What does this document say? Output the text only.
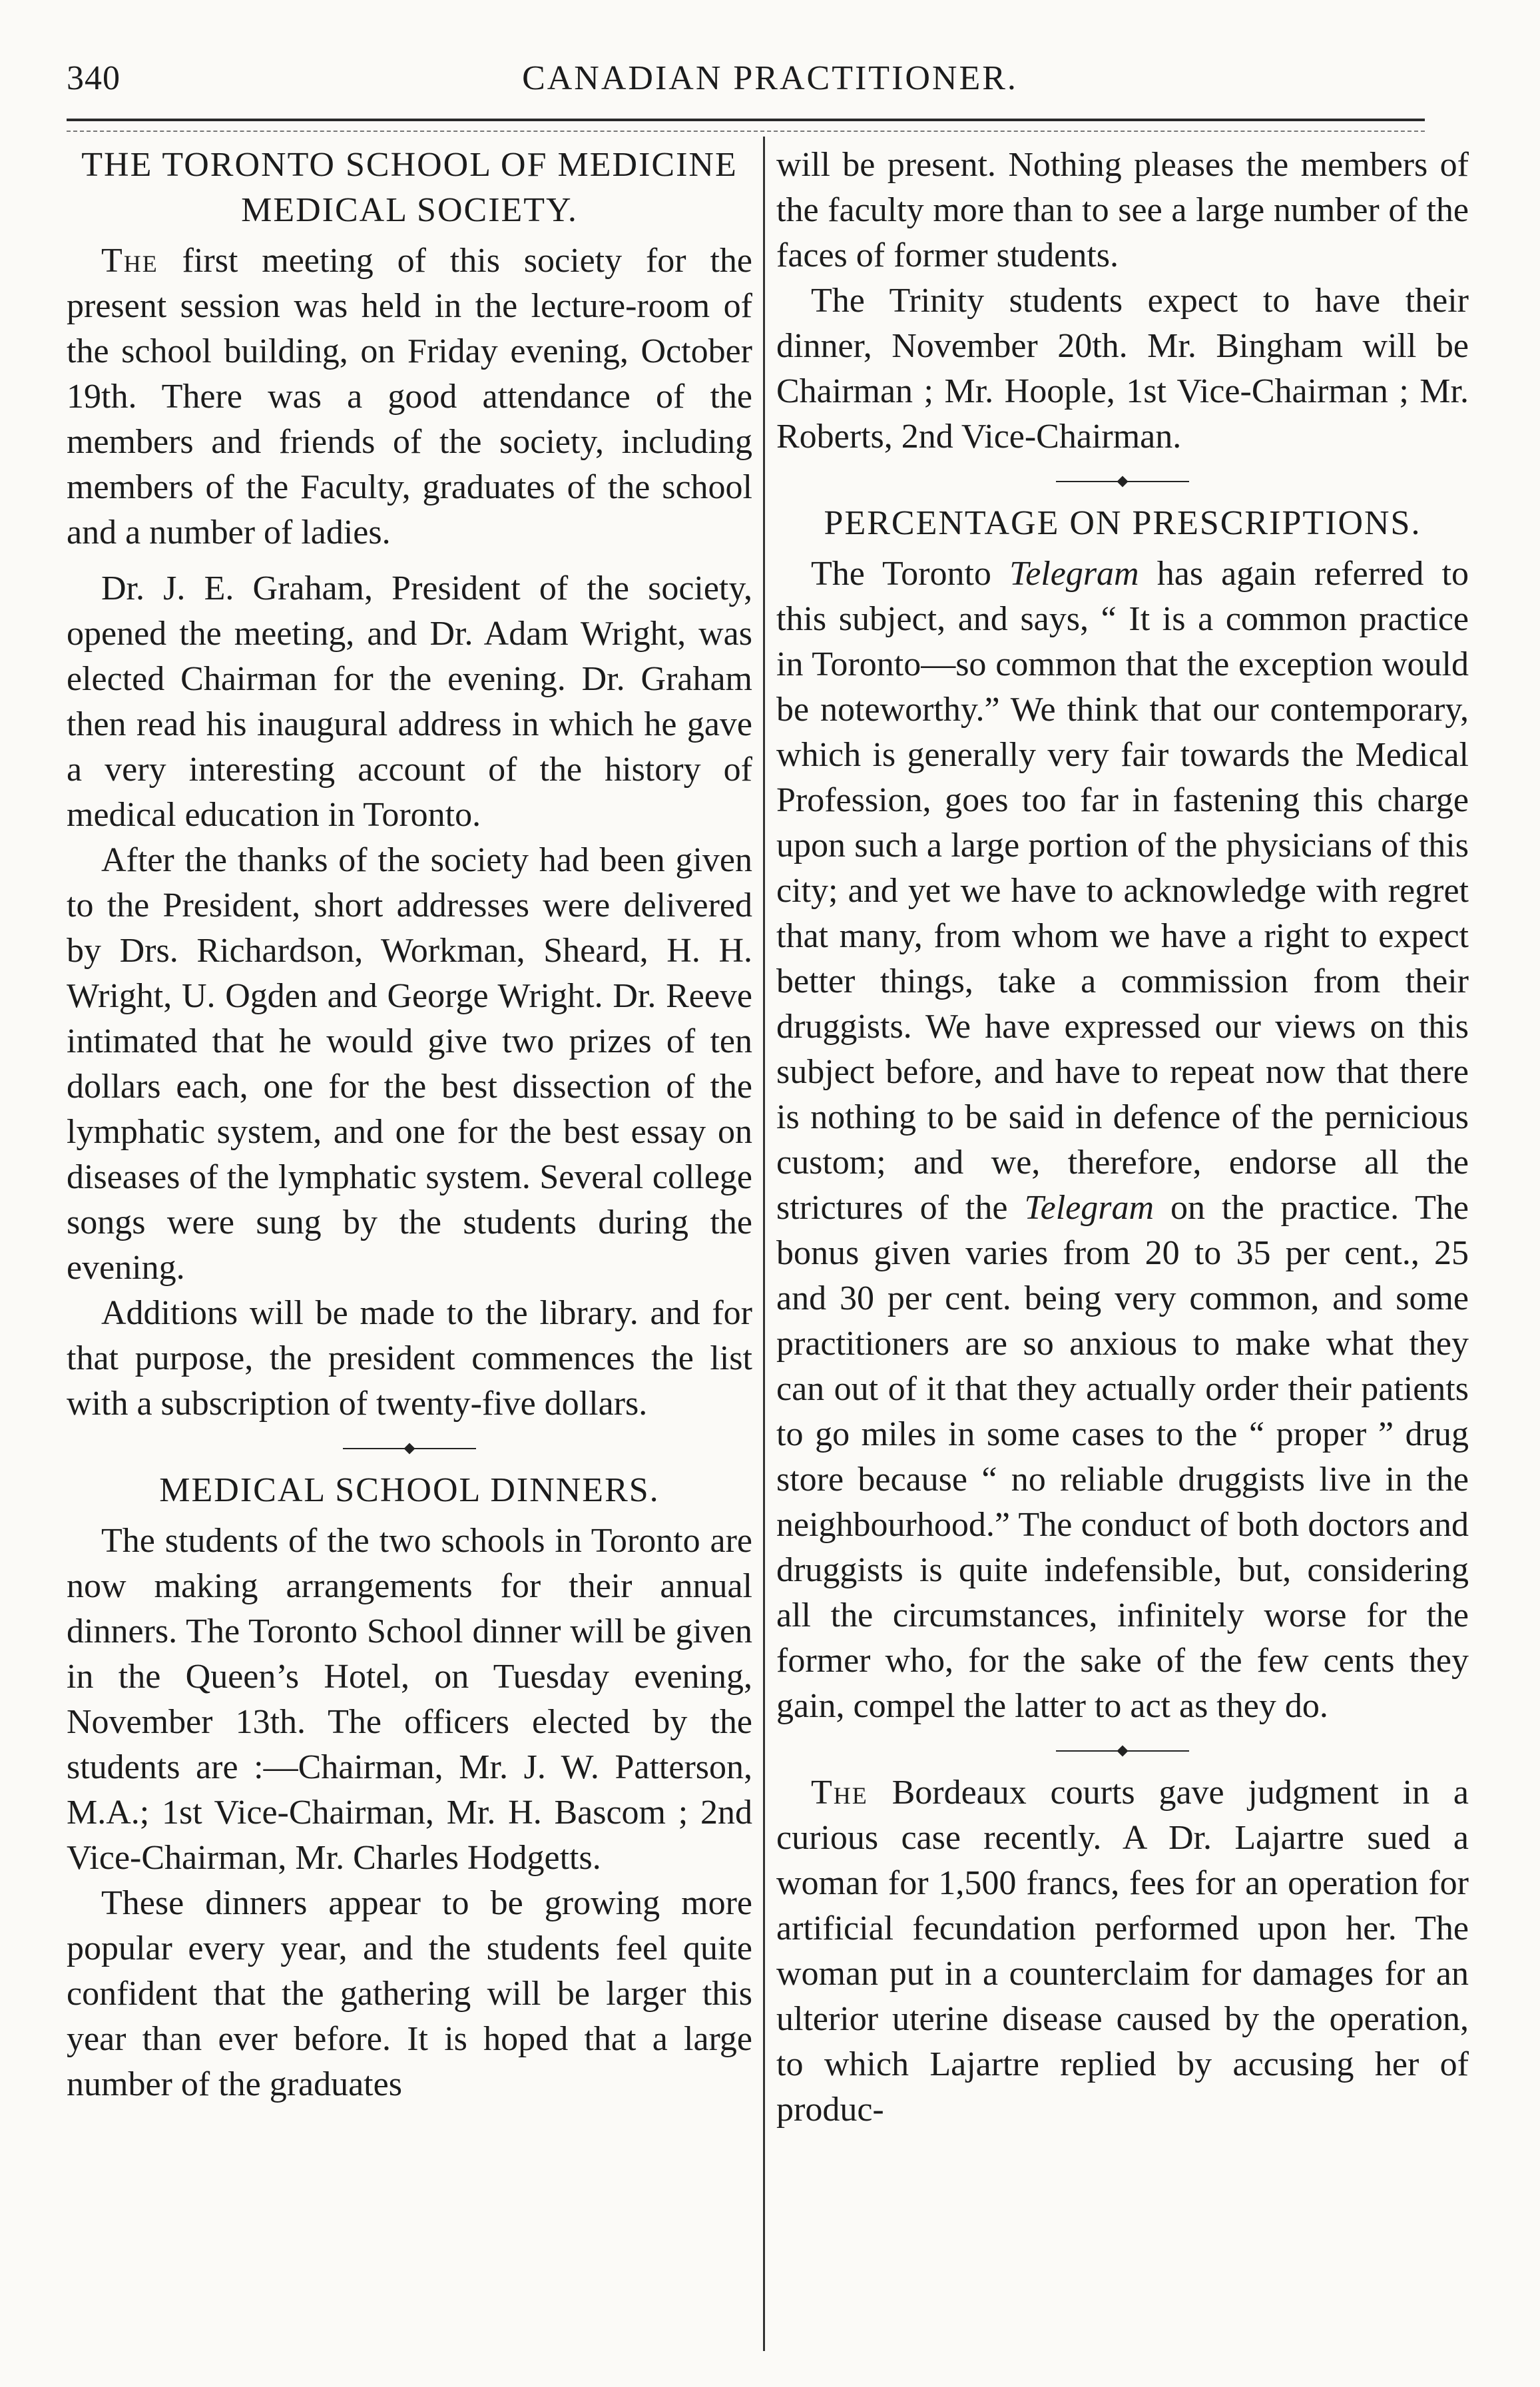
340	CANADIAN PRACTITIONER.
THE TORONTO SCHOOL OF MEDICINE
MEDICAL SOCIETY.

The first meeting of this society for the present session was held in the lecture-room of the school building, on Friday evening, October 19th. There was a good attendance of the members and friends of the society, including members of the Faculty, graduates of the school and a number of ladies.

Dr. J. E. Graham, President of the society, opened the meeting, and Dr. Adam Wright, was elected Chairman for the evening. Dr. Graham then read his inaugural address in which he gave a very interesting account of the history of medical education in Toronto.

After the thanks of the society had been given to the President, short addresses were delivered by Drs. Richardson, Workman, Sheard, H. H. Wright, U. Ogden and George Wright. Dr. Reeve intimated that he would give two prizes of ten dollars each, one for the best dissection of the lymphatic system, and one for the best essay on diseases of the lymphatic system. Several college songs were sung by the students during the evening.

Additions will be made to the library. and for that purpose, the president commences the list with a subscription of twenty-five dollars.

MEDICAL SCHOOL DINNERS.

The students of the two schools in Toronto are now making arrangements for their annual dinners. The Toronto School dinner will be given in the Queen’s Hotel, on Tuesday evening, November 13th. The officers elected by the students are :—Chairman, Mr. J. W. Patterson, M.A.; 1st Vice-Chairman, Mr. H. Bascom ; 2nd Vice-Chairman, Mr. Charles Hodgetts.

These dinners appear to be growing more popular every year, and the students feel quite confident that the gathering will be larger this year than ever before. It is hoped that a large number of the graduates

will be present. Nothing pleases the members of the faculty more than to see a large number of the faces of former students.

The Trinity students expect to have their dinner, November 20th. Mr. Bingham will be Chairman ; Mr. Hoople, 1st Vice-Chairman ; Mr. Roberts, 2nd Vice-Chairman.

PERCENTAGE ON PRESCRIPTIONS.

The Toronto Telegram has again referred to this subject, and says, “ It is a common practice in Toronto—so common that the exception would be noteworthy.” We think that our contemporary, which is generally very fair towards the Medical Profession, goes too far in fastening this charge upon such a large portion of the physicians of this city; and yet we have to acknowledge with regret that many, from whom we have a right to expect better things, take a commission from their druggists. We have expressed our views on this subject before, and have to repeat now that there is nothing to be said in defence of the pernicious custom; and we, therefore, endorse all the strictures of the Telegram on the practice. The bonus given varies from 20 to 35 per cent., 25 and 30 per cent. being very common, and some practitioners are so anxious to make what they can out of it that they actually order their patients to go miles in some cases to the “ proper ” drug store because “ no reliable druggists live in the neighbourhood.” The conduct of both doctors and druggists is quite indefensible, but, considering all the circumstances, infinitely worse for the former who, for the sake of the few cents they gain, compel the latter to act as they do.

The Bordeaux courts gave judgment in a curious case recently. A Dr. Lajartre sued a woman for 1,500 francs, fees for an operation for artificial fecundation performed upon her. The woman put in a counterclaim for damages for an ulterior uterine disease caused by the operation, to which Lajartre replied by accusing her of produc-
